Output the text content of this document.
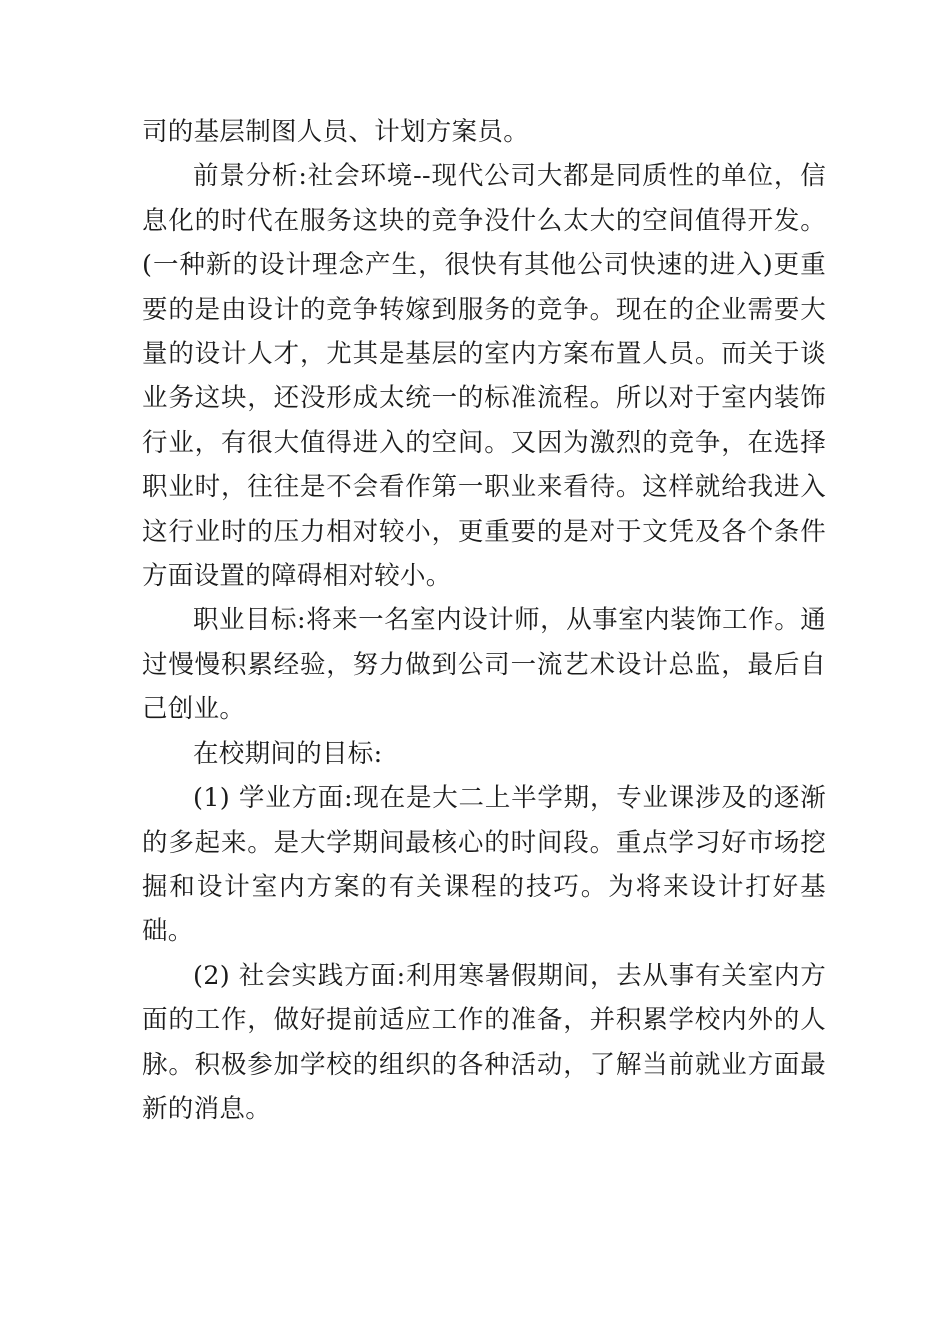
司的基层制图人员、计划方案员。

前景分析:社会环境--现代公司大都是同质性的单位，信息化的时代在服务这块的竞争没什么太大的空间值得开发。(一种新的设计理念产生，很快有其他公司快速的进入)更重要的是由设计的竞争转嫁到服务的竞争。现在的企业需要大量的设计人才，尤其是基层的室内方案布置人员。而关于谈业务这块，还没形成太统一的标准流程。所以对于室内装饰行业，有很大值得进入的空间。又因为激烈的竞争，在选择职业时，往往是不会看作第一职业来看待。这样就给我进入这行业时的压力相对较小，更重要的是对于文凭及各个条件方面设置的障碍相对较小。

职业目标:将来一名室内设计师，从事室内装饰工作。通过慢慢积累经验，努力做到公司一流艺术设计总监，最后自己创业。

在校期间的目标:

(1) 学业方面:现在是大二上半学期，专业课涉及的逐渐的多起来。是大学期间最核心的时间段。重点学习好市场挖掘和设计室内方案的有关课程的技巧。为将来设计打好基础。

(2) 社会实践方面:利用寒暑假期间，去从事有关室内方面的工作，做好提前适应工作的准备，并积累学校内外的人脉。积极参加学校的组织的各种活动，了解当前就业方面最新的消息。
